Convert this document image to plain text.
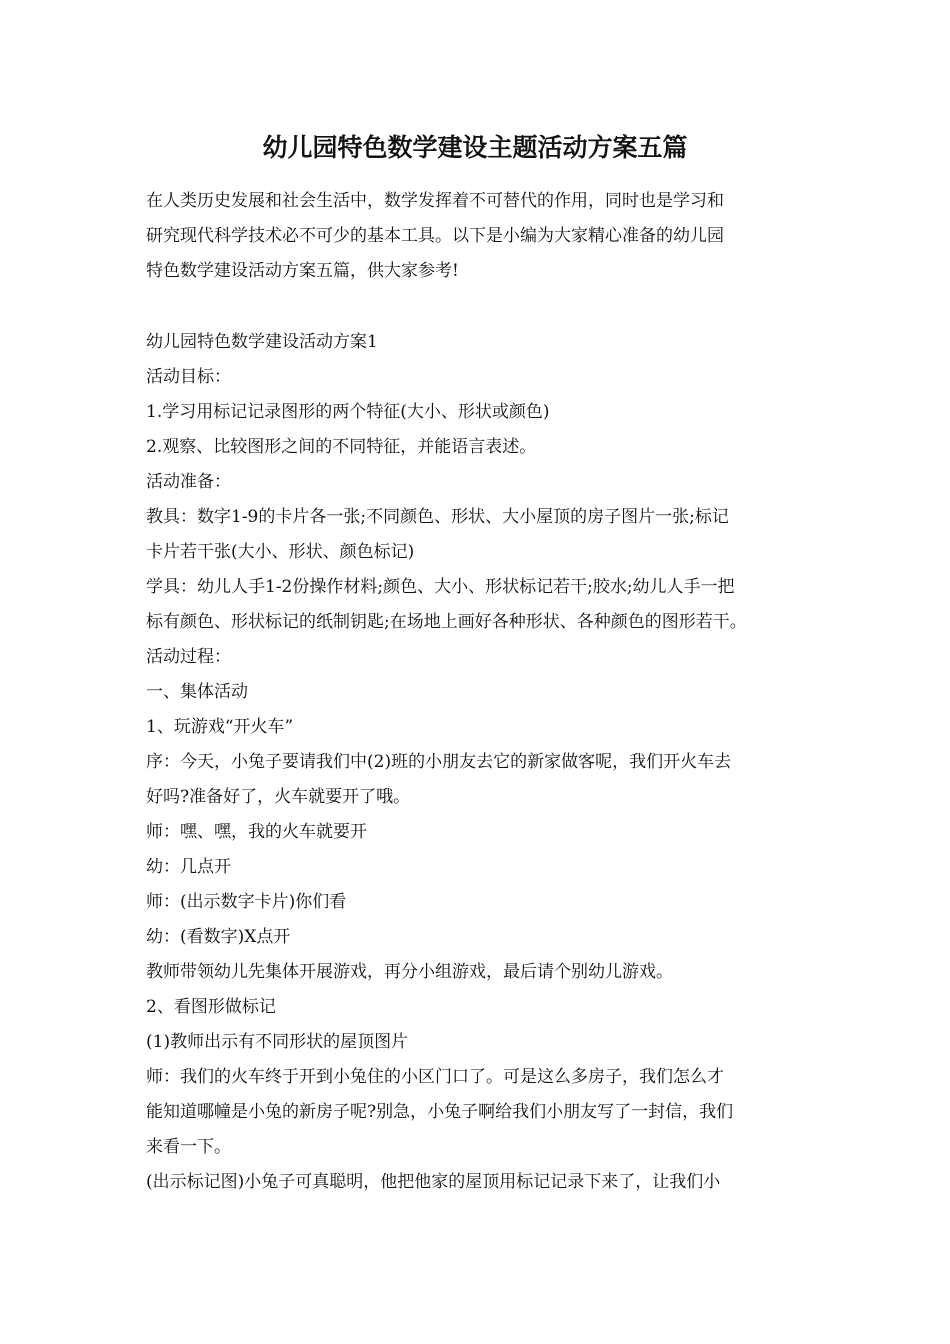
幼儿园特色数学建设主题活动方案五篇

在人类历史发展和社会生活中，数学发挥着不可替代的作用，同时也是学习和

研究现代科学技术必不可少的基本工具。以下是小编为大家精心准备的幼儿园

特色数学建设活动方案五篇，供大家参考!

幼儿园特色数学建设活动方案1

活动目标：

1.学习用标记记录图形的两个特征(大小、形状或颜色)

2.观察、比较图形之间的不同特征，并能语言表述。

活动准备：

教具：数字1-9的卡片各一张;不同颜色、形状、大小屋顶的房子图片一张;标记

卡片若干张(大小、形状、颜色标记)

学具：幼儿人手1-2份操作材料;颜色、大小、形状标记若干;胶水;幼儿人手一把

标有颜色、形状标记的纸制钥匙;在场地上画好各种形状、各种颜色的图形若干。

活动过程：

一、集体活动

1、玩游戏“开火车”

序：今天，小兔子要请我们中(2)班的小朋友去它的新家做客呢，我们开火车去

好吗?准备好了，火车就要开了哦。

师：嘿、嘿，我的火车就要开

幼：几点开

师：(出示数字卡片)你们看

幼：(看数字)X点开

教师带领幼儿先集体开展游戏，再分小组游戏，最后请个别幼儿游戏。

2、看图形做标记

(1)教师出示有不同形状的屋顶图片

师：我们的火车终于开到小兔住的小区门口了。可是这么多房子，我们怎么才

能知道哪幢是小兔的新房子呢?别急，小兔子啊给我们小朋友写了一封信，我们

来看一下。

(出示标记图)小兔子可真聪明，他把他家的屋顶用标记记录下来了，让我们小
